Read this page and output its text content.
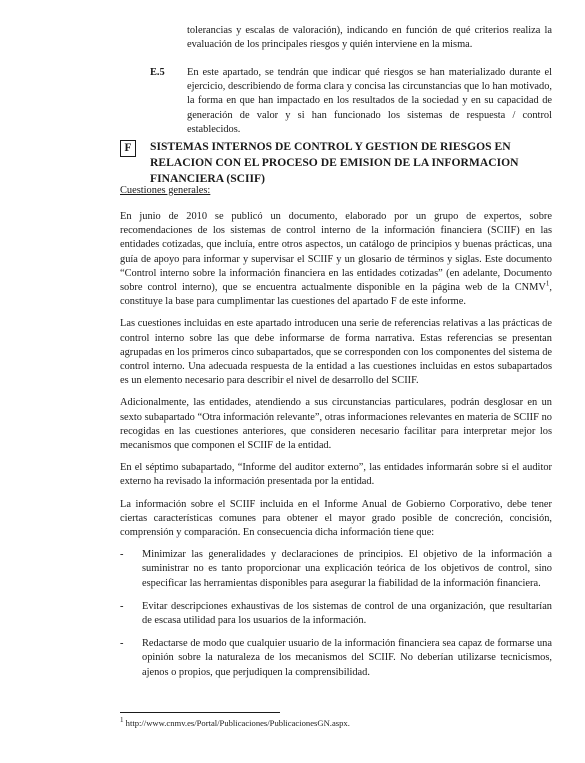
tolerancias y escalas de valoración), indicando en función de qué criterios realiza la evaluación de los principales riesgos y quién interviene en la misma.

E.5 En este apartado, se tendrán que indicar qué riesgos se han materializado durante el ejercicio, describiendo de forma clara y concisa las circunstancias que lo han motivado, la forma en que han impactado en los resultados de la sociedad y en su capacidad de generación de valor y si han funcionado los sistemas de respuesta / control establecidos.

F	SISTEMAS INTERNOS DE CONTROL Y GESTION DE RIESGOS EN RELACION CON EL PROCESO DE EMISION DE LA INFORMACION FINANCIERA (SCIIF)
Cuestiones generales:

En junio de 2010 se publicó un documento, elaborado por un grupo de expertos, sobre recomendaciones de los sistemas de control interno de la información financiera (SCIIF) en las entidades cotizadas, que incluía, entre otros aspectos, un catálogo de principios y buenas prácticas, una guía de apoyo para informar y supervisar el SCIIF y un glosario de términos y siglas. Este documento “Control interno sobre la información financiera en las entidades cotizadas” (en adelante, Documento sobre control interno), que se encuentra actualmente disponible en la página web de la CNMV$^1$, constituye la base para cumplimentar las cuestiones del apartado F de este informe.

Las cuestiones incluidas en este apartado introducen una serie de referencias relativas a las prácticas de control interno sobre las que debe informarse de forma narrativa. Estas referencias se presentan agrupadas en los primeros cinco subapartados, que se corresponden con los componentes del sistema de control interno. Una adecuada respuesta de la entidad a las cuestiones incluidas en estos subapartados es un elemento necesario para describir el nivel de desarrollo del SCIIF.

Adicionalmente, las entidades, atendiendo a sus circunstancias particulares, podrán desglosar en un sexto subapartado “Otra información relevante”, otras informaciones relevantes en materia de SCIIF no recogidas en las cuestiones anteriores, que consideren necesario facilitar para interpretar mejor los mecanismos que componen el SCIIF de la entidad.

En el séptimo subapartado, “Informe del auditor externo”, las entidades informarán sobre si el auditor externo ha revisado la información presentada por la entidad.

La información sobre el SCIIF incluida en el Informe Anual de Gobierno Corporativo, debe tener ciertas características comunes para obtener el mayor grado posible de concreción, concisión, comprensión y comparación. En consecuencia dicha información tiene que:

- Minimizar las generalidades y declaraciones de principios. El objetivo de la información a suministrar no es tanto proporcionar una explicación teórica de los objetivos de control, sino especificar las herramientas disponibles para asegurar la fiabilidad de la información financiera.

- Evitar descripciones exhaustivas de los sistemas de control de una organización, que resultarían de escasa utilidad para los usuarios de la información.

- Redactarse de modo que cualquier usuario de la información financiera sea capaz de formarse una opinión sobre la naturaleza de los mecanismos del SCIIF. No deberían utilizarse tecnicismos, ajenos o propios, que perjudiquen la comprensibilidad.

$^1$ http://www.cnmv.es/Portal/Publicaciones/PublicacionesGN.aspx.
